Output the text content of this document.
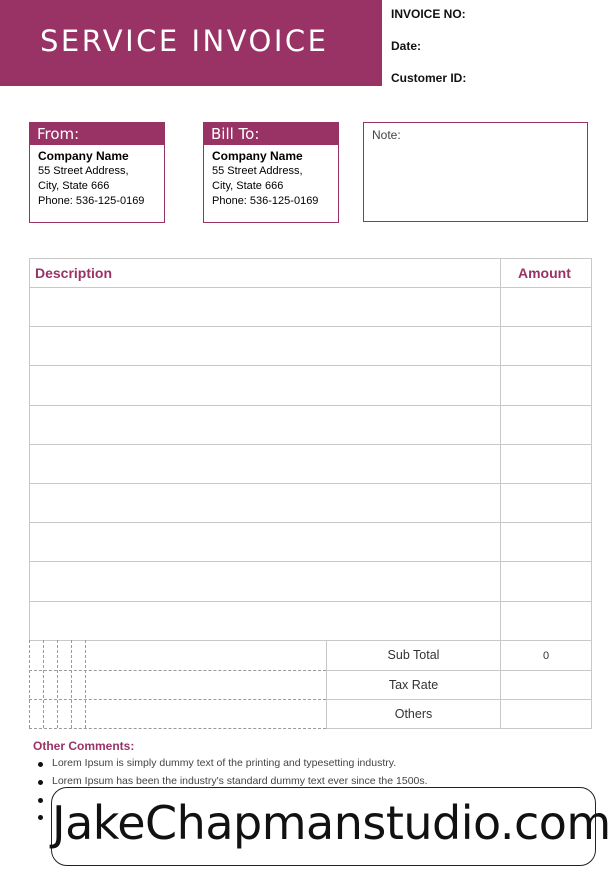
SERVICE INVOICE
INVOICE NO:
Date:
Customer ID:
From:
Company Name
55 Street Address,
City, State 666
Phone: 536-125-0169
Bill To:
Company Name
55 Street Address,
City, State 666
Phone: 536-125-0169
Note:
Description	Amount
Sub Total	0
Tax Rate
Others
Other Comments:
Lorem Ipsum is simply dummy text of the printing and typesetting industry.
Lorem Ipsum has been the industry's standard dummy text ever since the 1500s.
JakeChapmanstudio.com
